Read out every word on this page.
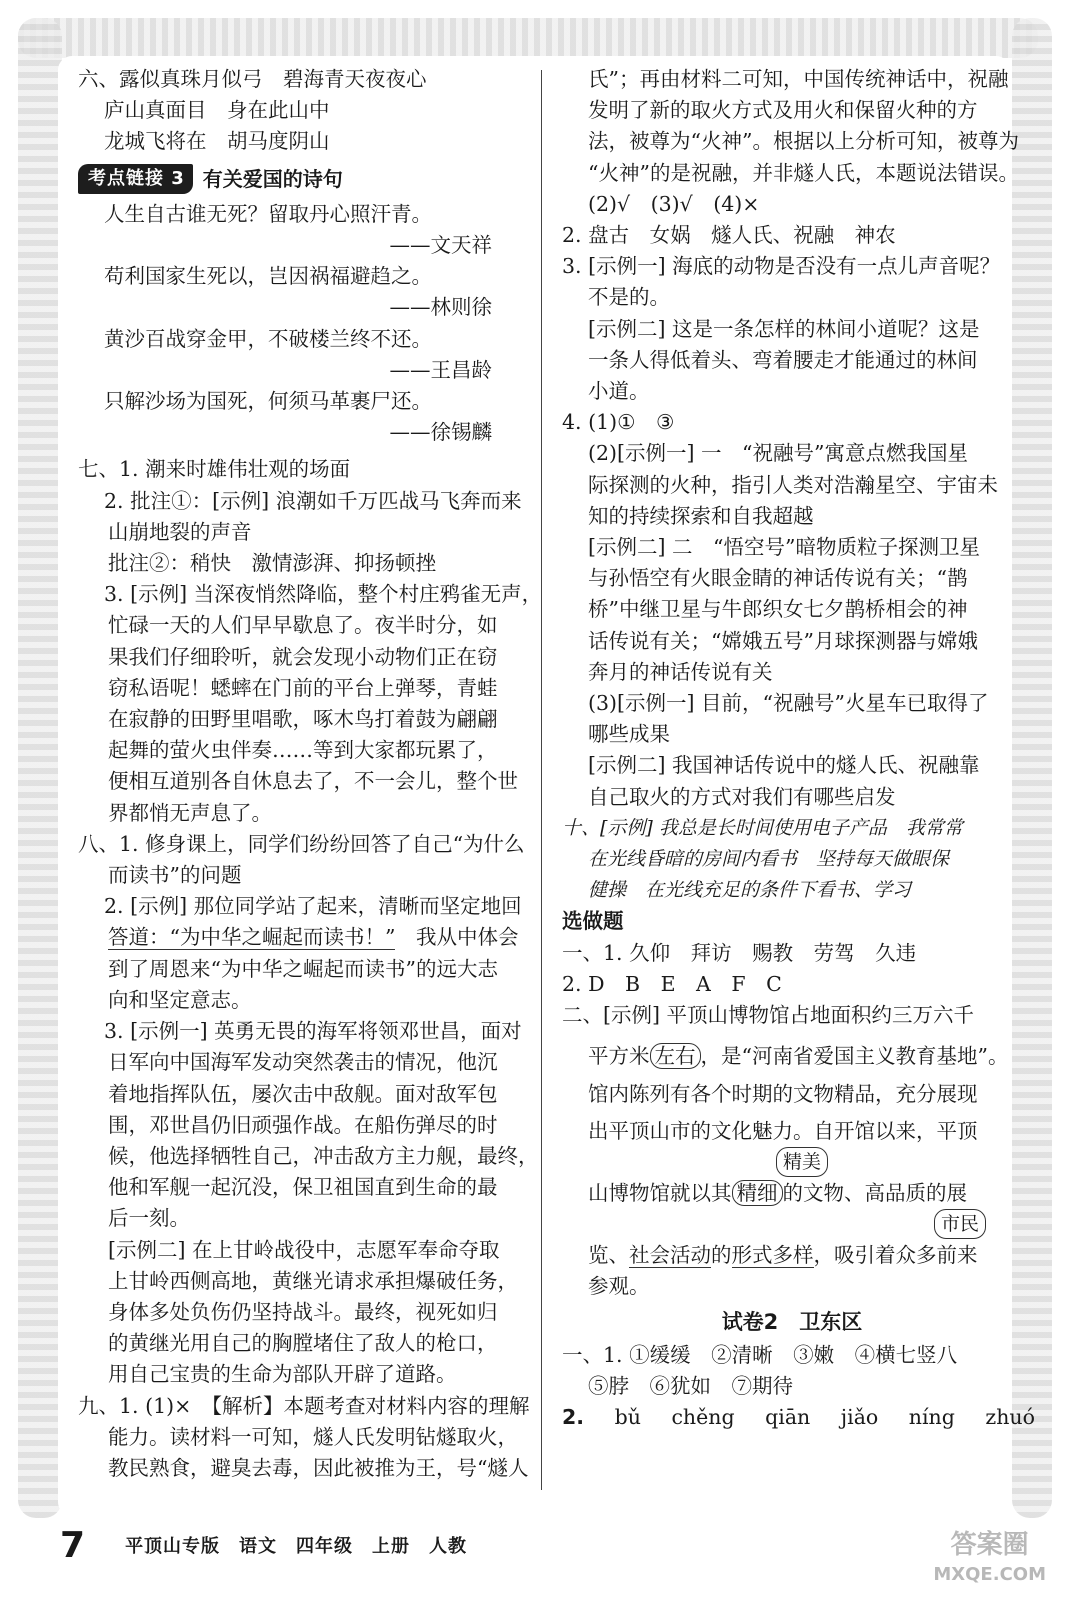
六、露似真珠月似弓　碧海青天夜夜心
庐山真面目　身在此山中
龙城飞将在　胡马度阴山
考点链接 3 有关爱国的诗句
人生自古谁无死？留取丹心照汗青。
——文天祥
苟利国家生死以，岂因祸福避趋之。
——林则徐
黄沙百战穿金甲，不破楼兰终不还。
——王昌龄
只解沙场为国死，何须马革裹尸还。
——徐锡麟
七、1. 潮来时雄伟壮观的场面
2. 批注①：[示例] 浪潮如千万匹战马飞奔而来
山崩地裂的声音
批注②：稍快　激情澎湃、抑扬顿挫
3. [示例] 当深夜悄然降临，整个村庄鸦雀无声，
忙碌一天的人们早早歇息了。夜半时分，如
果我们仔细聆听，就会发现小动物们正在窃
窃私语呢！蟋蟀在门前的平台上弹琴，青蛙
在寂静的田野里唱歌，啄木鸟打着鼓为翩翩
起舞的萤火虫伴奏……等到大家都玩累了，
便相互道别各自休息去了，不一会儿，整个世
界都悄无声息了。
八、1. 修身课上，同学们纷纷回答了自己“为什么
而读书”的问题
2. [示例] 那位同学站了起来，清晰而坚定地回
答道：“为中华之崛起而读书！”　我从中体会
到了周恩来“为中华之崛起而读书”的远大志
向和坚定意志。
3. [示例一] 英勇无畏的海军将领邓世昌，面对
日军向中国海军发动突然袭击的情况，他沉
着地指挥队伍，屡次击中敌舰。面对敌军包
围，邓世昌仍旧顽强作战。在船伤弹尽的时
候，他选择牺牲自己，冲击敌方主力舰，最终，
他和军舰一起沉没，保卫祖国直到生命的最
后一刻。
[示例二] 在上甘岭战役中，志愿军奉命夺取
上甘岭西侧高地，黄继光请求承担爆破任务，
身体多处负伤仍坚持战斗。最终，视死如归
的黄继光用自己的胸膛堵住了敌人的枪口，
用自己宝贵的生命为部队开辟了道路。
九、1. (1)×　【解析】本题考查对材料内容的理解
能力。读材料一可知，燧人氏发明钻燧取火，
教民熟食，避臭去毒，因此被推为王，号“燧人
氏”；再由材料二可知，中国传统神话中，祝融
发明了新的取火方式及用火和保留火种的方
法，被尊为“火神”。根据以上分析可知，被尊为
“火神”的是祝融，并非燧人氏，本题说法错误。
(2)√　(3)√　(4)×
2. 盘古　女娲　燧人氏、祝融　神农
3. [示例一] 海底的动物是否没有一点儿声音呢？
不是的。
[示例二] 这是一条怎样的林间小道呢？这是
一条人得低着头、弯着腰走才能通过的林间
小道。
4. (1)①　③
(2)[示例一] 一　“祝融号”寓意点燃我国星
际探测的火种，指引人类对浩瀚星空、宇宙未
知的持续探索和自我超越
[示例二] 二　“悟空号”暗物质粒子探测卫星
与孙悟空有火眼金睛的神话传说有关；“鹊
桥”中继卫星与牛郎织女七夕鹊桥相会的神
话传说有关；“嫦娥五号”月球探测器与嫦娥
奔月的神话传说有关
(3)[示例一] 目前，“祝融号”火星车已取得了
哪些成果
[示例二] 我国神话传说中的燧人氏、祝融靠
自己取火的方式对我们有哪些启发
十、[示例] 我总是长时间使用电子产品　我常常
在光线昏暗的房间内看书　坚持每天做眼保
健操　在光线充足的条件下看书、学习
选做题
一、1. 久仰　拜访　赐教　劳驾　久违
2. D　B　E　A　F　C
二、[示例] 平顶山博物馆占地面积约三万六千
平方米 左右 ，是“河南省爱国主义教育基地”。
馆内陈列有各个时期的文物精品，充分展现
出平顶山市的文化魅力。自开馆以来，平顶
精美
山博物馆就以其 精细 的文物、高品质的展
市民
览、社会活动的形式多样，吸引着众多前来
参观。
试卷2　卫东区
一、1. ①缓缓　②清晰　③嫩　④横七竖八
⑤脖　⑥犹如　⑦期待
2. bǔ chěng qiān jiǎo níng zhuó
7 平顶山专版　语文　四年级　上册　人教	答案圈
MXQE.COM
